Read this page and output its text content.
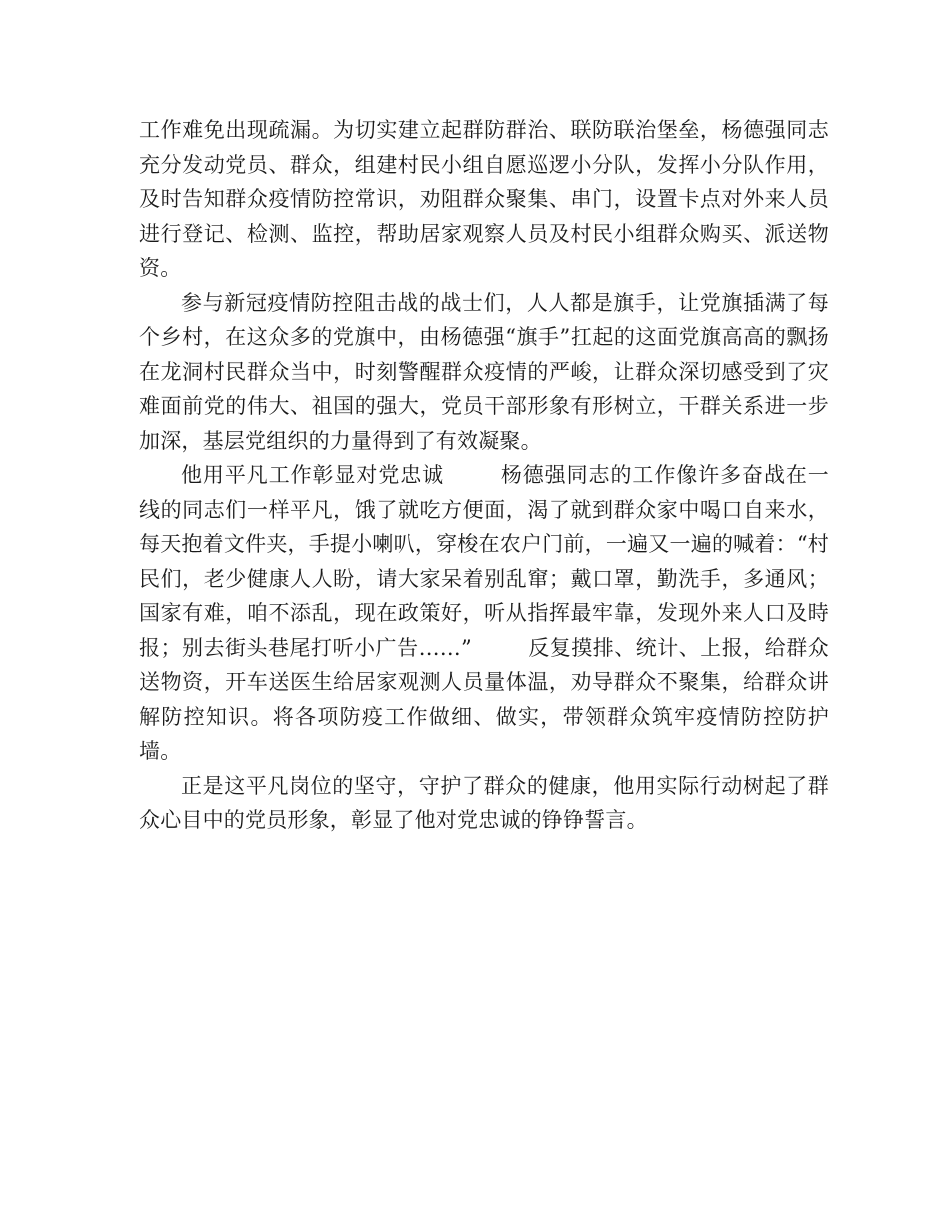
工作难免出现疏漏。为切实建立起群防群治、联防联治堡垒，杨德强同志充分发动党员、群众，组建村民小组自愿巡逻小分队，发挥小分队作用，及时告知群众疫情防控常识，劝阻群众聚集、串门，设置卡点对外来人员进行登记、检测、监控，帮助居家观察人员及村民小组群众购买、派送物资。

参与新冠疫情防控阻击战的战士们，人人都是旗手，让党旗插满了每个乡村，在这众多的党旗中，由杨德强“旗手”扛起的这面党旗高高的飘扬在龙洞村民群众当中，时刻警醒群众疫情的严峻，让群众深切感受到了灾难面前党的伟大、祖国的强大，党员干部形象有形树立，干群关系进一步加深，基层党组织的力量得到了有效凝聚。

他用平凡工作彰显对党忠诚	杨德强同志的工作像许多奋战在一线的同志们一样平凡，饿了就吃方便面，渴了就到群众家中喝口自来水，每天抱着文件夹，手提小喇叭，穿梭在农户门前，一遍又一遍的喊着：“村民们，老少健康人人盼，请大家呆着别乱窜；戴口罩，勤洗手，多通风；国家有难，咱不添乱，现在政策好，听从指挥最牢靠，发现外来人口及時报；别去街头巷尾打听小广告……”	反复摸排、统计、上报，给群众送物资，开车送医生给居家观测人员量体温，劝导群众不聚集，给群众讲解防控知识。将各项防疫工作做细、做实，带领群众筑牢疫情防控防护墙。

正是这平凡岗位的坚守，守护了群众的健康，他用实际行动树起了群众心目中的党员形象，彰显了他对党忠诚的铮铮誓言。
